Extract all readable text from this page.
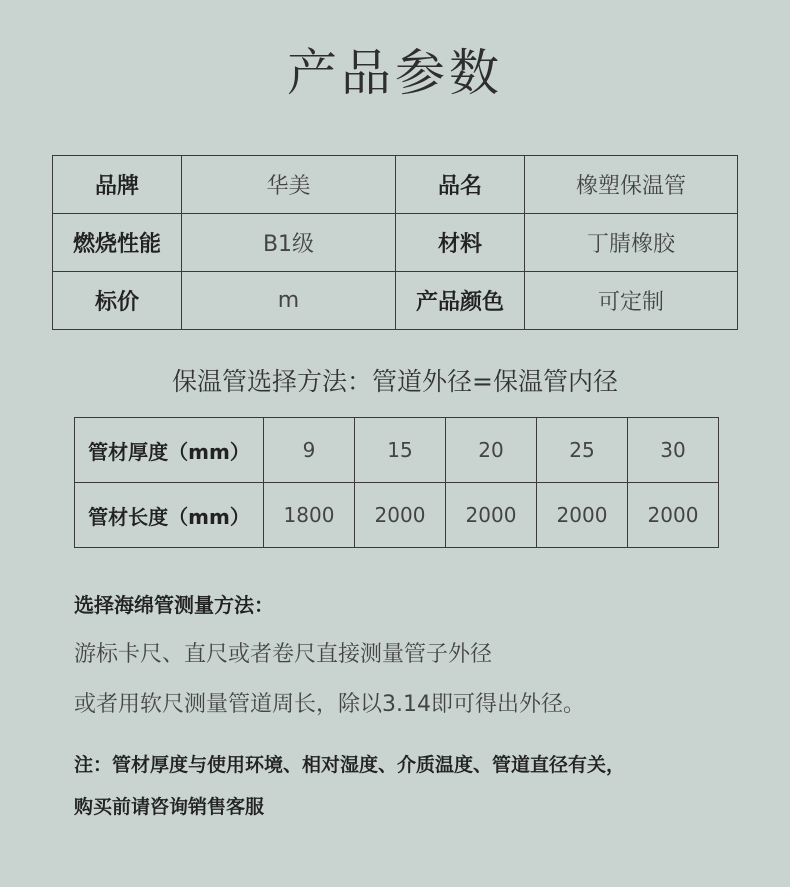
产品参数
品牌	华美	品名	橡塑保温管
燃烧性能	B1级	材料	丁腈橡胶
标价	m	产品颜色	可定制
保温管选择方法：管道外径=保温管内径
管材厚度（mm）	9	15	20	25	30
管材长度（mm）	1800	2000	2000	2000	2000
选择海绵管测量方法：
游标卡尺、直尺或者卷尺直接测量管子外径
或者用软尺测量管道周长，除以3.14即可得出外径。
注：管材厚度与使用环境、相对湿度、介质温度、管道直径有关，
购买前请咨询销售客服
